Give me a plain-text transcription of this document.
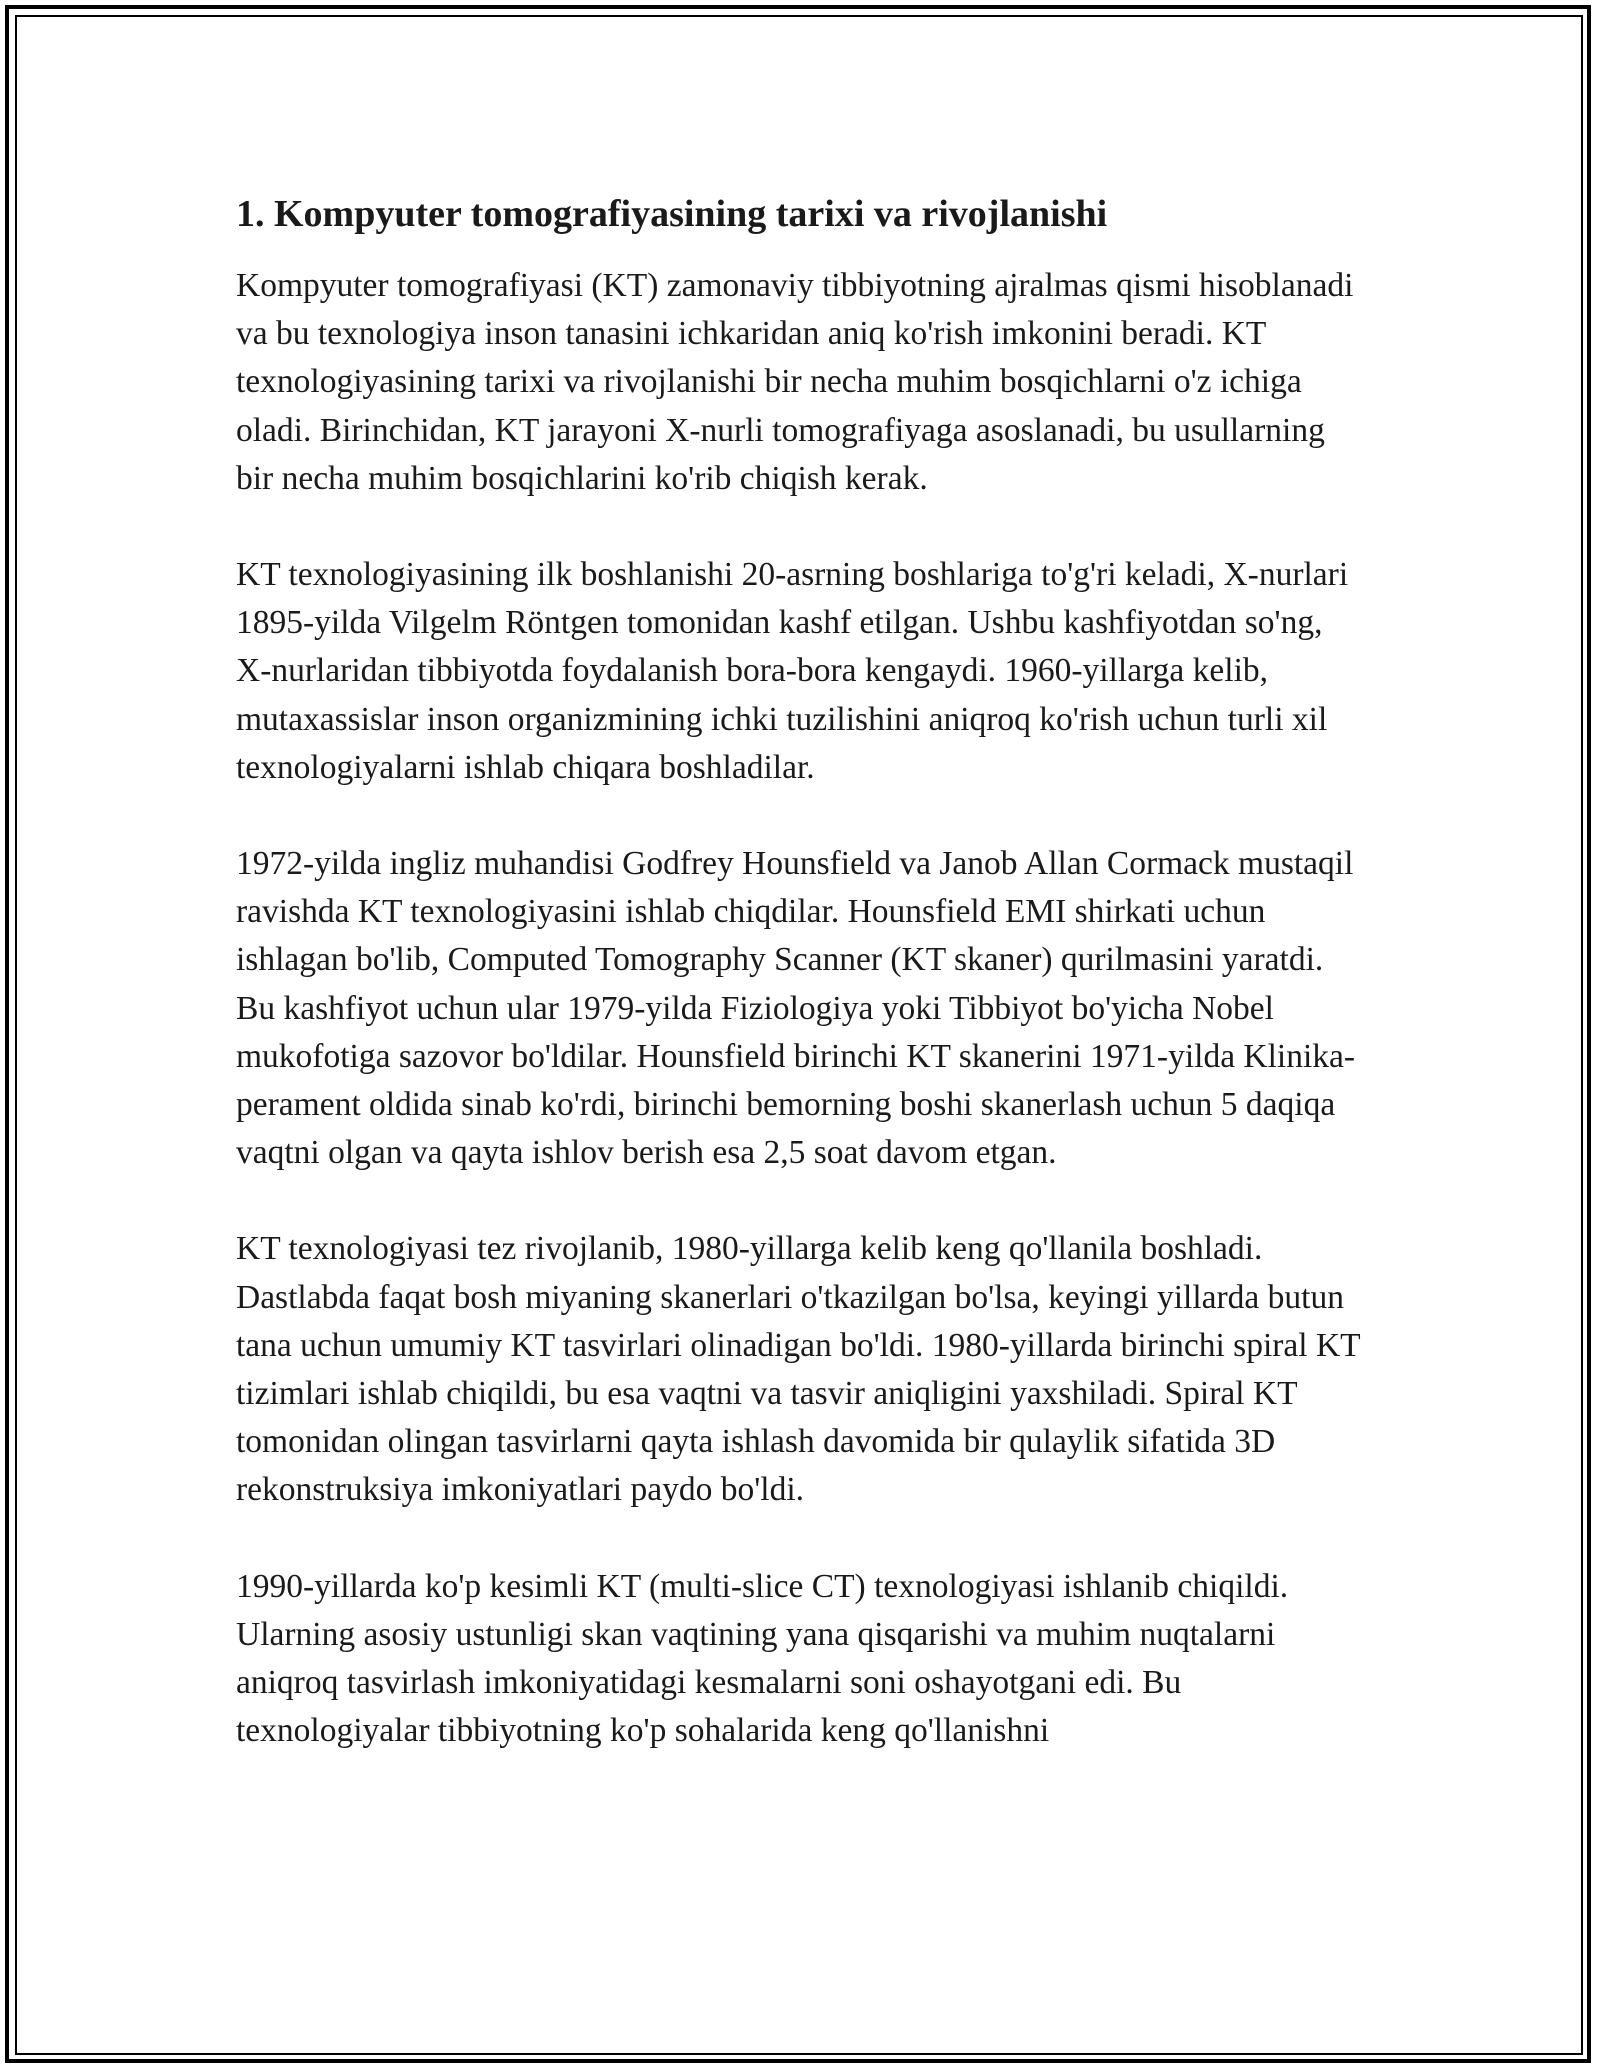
1. Kompyuter tomografiyasining tarixi va rivojlanishi

Kompyuter tomografiyasi (KT) zamonaviy tibbiyotning ajralmas qismi hisoblanadi va bu texnologiya inson tanasini ichkaridan aniq ko'rish imkonini beradi. KT texnologiyasining tarixi va rivojlanishi bir necha muhim bosqichlarni o'z ichiga oladi. Birinchidan, KT jarayoni X-nurli tomografiyaga asoslanadi, bu usullarning bir necha muhim bosqichlarini ko'rib chiqish kerak.

KT texnologiyasining ilk boshlanishi 20-asrning boshlariga to'g'ri keladi, X-nurlari 1895-yilda Vilgelm Röntgen tomonidan kashf etilgan. Ushbu kashfiyotdan so'ng, X-nurlaridan tibbiyotda foydalanish bora-bora kengaydi. 1960-yillarga kelib, mutaxassislar inson organizmining ichki tuzilishini aniqroq ko'rish uchun turli xil texnologiyalarni ishlab chiqara boshladilar.

1972-yilda ingliz muhandisi Godfrey Hounsfield va Janob Allan Cormack mustaqil ravishda KT texnologiyasini ishlab chiqdilar. Hounsfield EMI shirkati uchun ishlagan bo'lib, Computed Tomography Scanner (KT skaner) qurilmasini yaratdi. Bu kashfiyot uchun ular 1979-yilda Fiziologiya yoki Tibbiyot bo'yicha Nobel mukofotiga sazovor bo'ldilar. Hounsfield birinchi KT skanerini 1971-yilda Klinika-perament oldida sinab ko'rdi, birinchi bemorning boshi skanerlash uchun 5 daqiqa vaqtni olgan va qayta ishlov berish esa 2,5 soat davom etgan.

KT texnologiyasi tez rivojlanib, 1980-yillarga kelib keng qo'llanila boshladi. Dastlabda faqat bosh miyaning skanerlari o'tkazilgan bo'lsa, keyingi yillarda butun tana uchun umumiy KT tasvirlari olinadigan bo'ldi. 1980-yillarda birinchi spiral KT tizimlari ishlab chiqildi, bu esa vaqtni va tasvir aniqligini yaxshiladi. Spiral KT tomonidan olingan tasvirlarni qayta ishlash davomida bir qulaylik sifatida 3D rekonstruksiya imkoniyatlari paydo bo'ldi.

1990-yillarda ko'p kesimli KT (multi-slice CT) texnologiyasi ishlanib chiqildi. Ularning asosiy ustunligi skan vaqtining yana qisqarishi va muhim nuqtalarni aniqroq tasvirlash imkoniyatidagi kesmalarni soni oshayotgani edi. Bu texnologiyalar tibbiyotning ko'p sohalarida keng qo'llanishni
